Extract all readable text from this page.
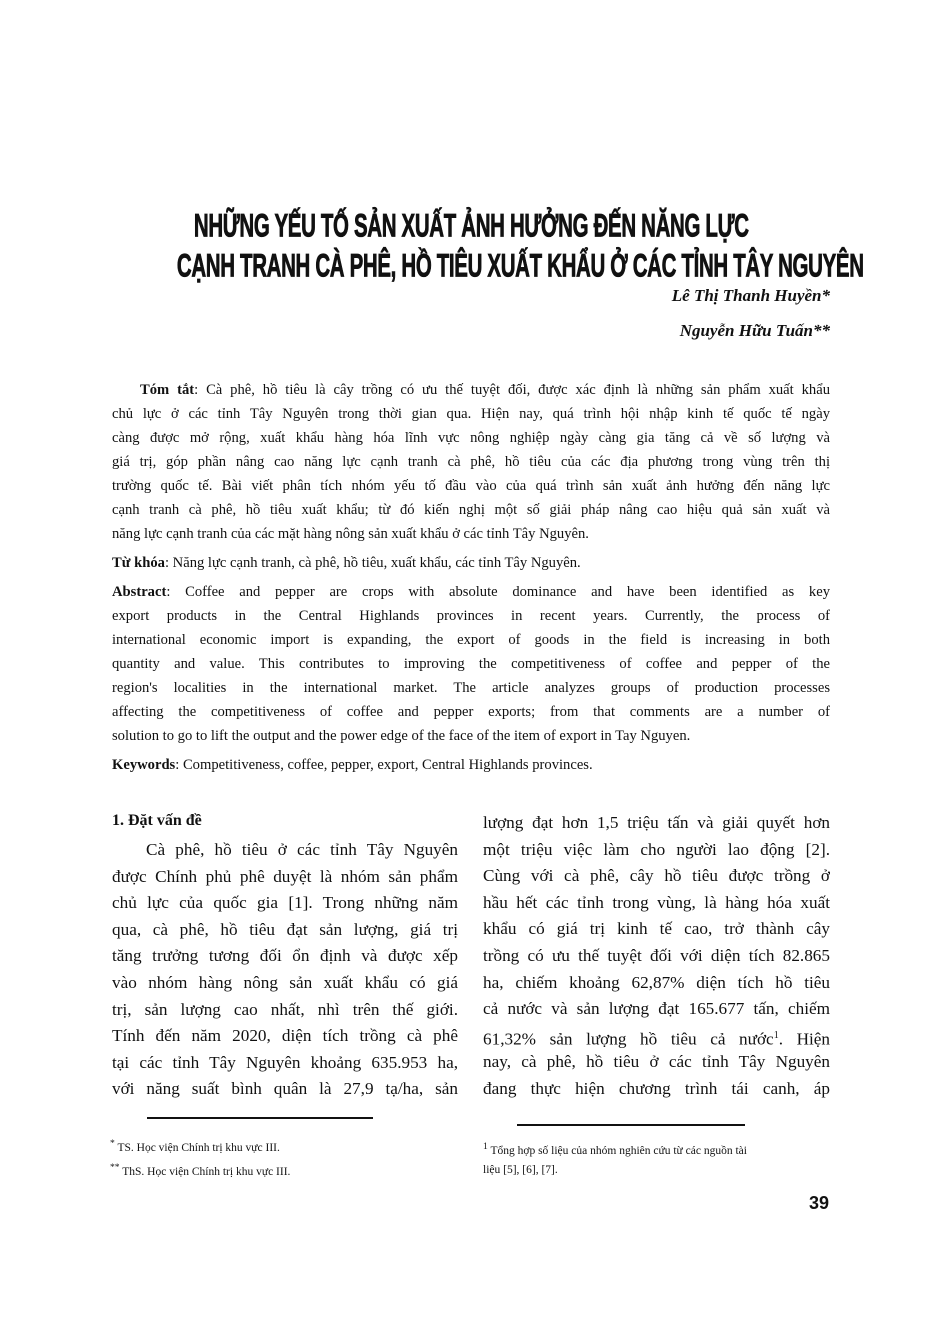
NHỮNG YẾU TỐ SẢN XUẤT ẢNH HƯỞNG ĐẾN NĂNG LỰC
CẠNH TRANH CÀ PHÊ, HỒ TIÊU XUẤT KHẨU Ở CÁC TỈNH TÂY NGUYÊN
Lê Thị Thanh Huyền*
Nguyễn Hữu Tuấn**
Tóm tắt: Cà phê, hồ tiêu là cây trồng có ưu thế tuyệt đối, được xác định là những sản phẩm xuất khẩu
chủ lực ở các tỉnh Tây Nguyên trong thời gian qua. Hiện nay, quá trình hội nhập kinh tế quốc tế ngày
càng được mở rộng, xuất khẩu hàng hóa lĩnh vực nông nghiệp ngày càng gia tăng cả về số lượng và
giá trị, góp phần nâng cao năng lực cạnh tranh cà phê, hồ tiêu của các địa phương trong vùng trên thị
trường quốc tế. Bài viết phân tích nhóm yếu tố đầu vào của quá trình sản xuất ảnh hưởng đến năng lực
cạnh tranh cà phê, hồ tiêu xuất khẩu; từ đó kiến nghị một số giải pháp nâng cao hiệu quả sản xuất và
năng lực cạnh tranh của các mặt hàng nông sản xuất khẩu ở các tỉnh Tây Nguyên.
Từ khóa: Năng lực cạnh tranh, cà phê, hồ tiêu, xuất khẩu, các tỉnh Tây Nguyên.
Abstract: Coffee and pepper are crops with absolute dominance and have been identified as key
export products in the Central Highlands provinces in recent years. Currently, the process of
international economic import is expanding, the export of goods in the field is increasing in both
quantity and value. This contributes to improving the competitiveness of coffee and pepper of the
region's localities in the international market. The article analyzes groups of production processes
affecting the competitiveness of coffee and pepper exports; from that comments are a number of
solution to go to lift the output and the power edge of the face of the item of export in Tay Nguyen.
Keywords: Competitiveness, coffee, pepper, export, Central Highlands provinces.
1. Đặt vấn đề
Cà phê, hồ tiêu ở các tỉnh Tây Nguyên
được Chính phủ phê duyệt là nhóm sản phẩm
chủ lực của quốc gia [1]. Trong những năm
qua, cà phê, hồ tiêu đạt sản lượng, giá trị
tăng trưởng tương đối ổn định và được xếp
vào nhóm hàng nông sản xuất khẩu có giá
trị, sản lượng cao nhất, nhì trên thế giới.
Tính đến năm 2020, diện tích trồng cà phê
tại các tỉnh Tây Nguyên khoảng 635.953 ha,
với năng suất bình quân là 27,9 tạ/ha, sản
lượng đạt hơn 1,5 triệu tấn và giải quyết hơn
một triệu việc làm cho người lao động [2].
Cùng với cà phê, cây hồ tiêu được trồng ở
hầu hết các tỉnh trong vùng, là hàng hóa xuất
khẩu có giá trị kinh tế cao, trở thành cây
trồng có ưu thế tuyệt đối với diện tích 82.865
ha, chiếm khoảng 62,87% diện tích hồ tiêu
cả nước và sản lượng đạt 165.677 tấn, chiếm
61,32% sản lượng hồ tiêu cả nước$^1$. Hiện
nay, cà phê, hồ tiêu ở các tỉnh Tây Nguyên
đang thực hiện chương trình tái canh, áp
* TS. Học viện Chính trị khu vực III.
** ThS. Học viện Chính trị khu vực III.
$^1$ Tổng hợp số liệu của nhóm nghiên cứu từ các nguồn tài
liệu [5], [6], [7].
39
